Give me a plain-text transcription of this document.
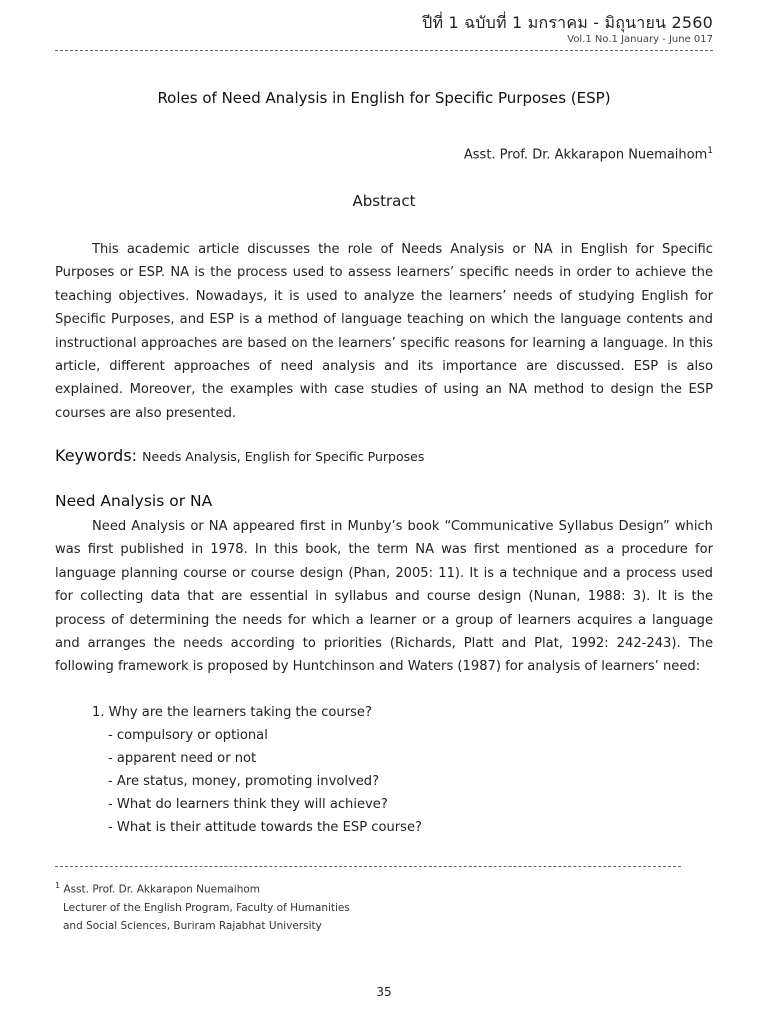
ปีที่ 1 ฉบับที่ 1 มกราคม - มิถุนายน 2560
Vol.1 No.1 January - June 017
Roles of Need Analysis in English for Specific Purposes (ESP)
Asst. Prof. Dr. Akkarapon Nuemaihom$^1$
Abstract

This academic article discusses the role of Needs Analysis or NA in English for Specific Purposes or ESP. NA is the process used to assess learners’ specific needs in order to achieve the teaching objectives. Nowadays, it is used to analyze the learners’ needs of studying English for Specific Purposes, and ESP is a method of language teaching on which the language contents and instructional approaches are based on the learners’ specific reasons for learning a language. In this article, different approaches of need analysis and its importance are discussed. ESP is also explained. Moreover, the examples with case studies of using an NA method to design the ESP courses are also presented.

Keywords: Needs Analysis, English for Specific Purposes
Need Analysis or NA

Need Analysis or NA appeared first in Munby’s book “Communicative Syllabus Design” which was first published in 1978. In this book, the term NA was first mentioned as a procedure for language planning course or course design (Phan, 2005: 11). It is a technique and a process used for collecting data that are essential in syllabus and course design (Nunan, 1988: 3). It is the process of determining the needs for which a learner or a group of learners acquires a language and arranges the needs according to priorities (Richards, Platt and Plat, 1992: 242-243). The following framework is proposed by Huntchinson and Waters (1987) for analysis of learners’ need:

1. Why are the learners taking the course?
- compulsory or optional
- apparent need or not
- Are status, money, promoting involved?
- What do learners think they will achieve?
- What is their attitude towards the ESP course?
$^1$ Asst. Prof. Dr. Akkarapon Nuemaihom
Lecturer of the English Program, Faculty of Humanities
and Social Sciences, Buriram Rajabhat University
35
